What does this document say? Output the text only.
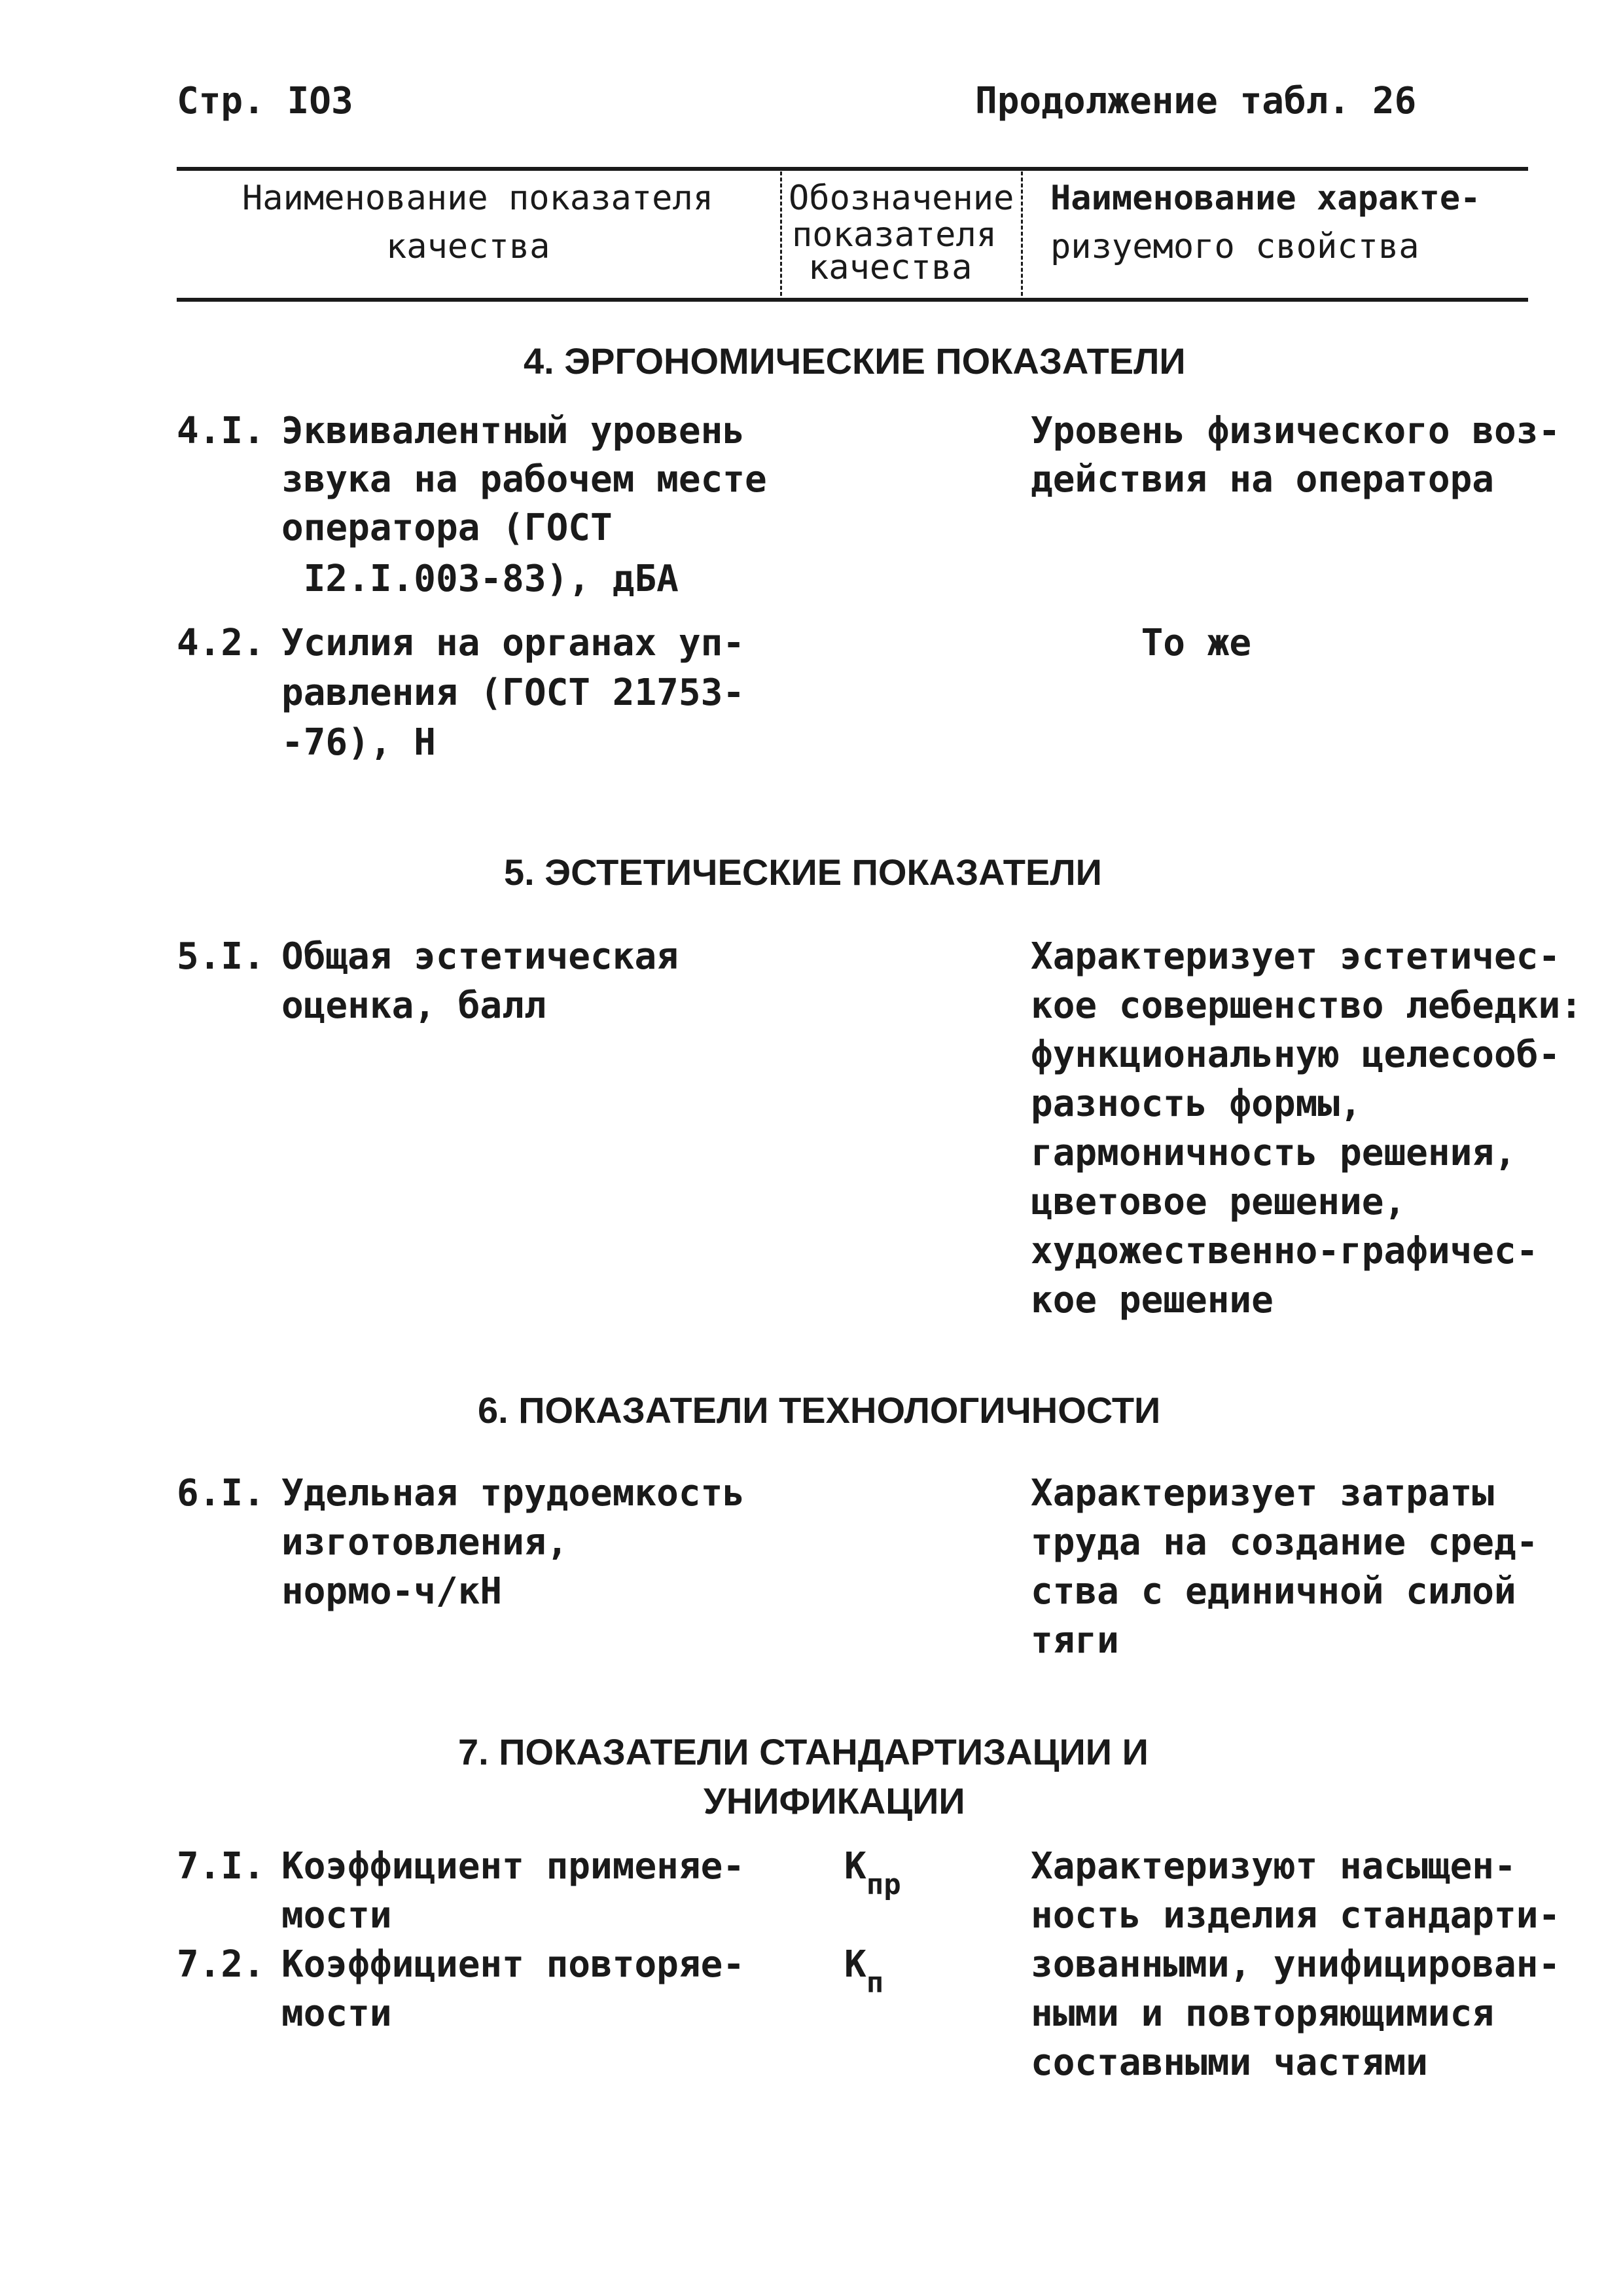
Стр. IO3	Продолжение табл. 26
Наименование показателя
качества
Обозначение
показателя
качества
Наименование характе-
ризуемого свойства
4. ЭРГОНОМИЧЕСКИЕ ПОКАЗАТЕЛИ
4.I. Эквивалентный уровень
звука на рабочем месте
оператора (ГОСТ
I2.I.003-83), дБА
Уровень физического воз-
действия на оператора
4.2. Усилия на органах уп-
равления (ГОСТ 21753-
-76), Н
То же
5. ЭСТЕТИЧЕСКИЕ ПОКАЗАТЕЛИ
5.I. Общая эстетическая
оценка, балл
Характеризует эстетичес-
кое совершенство лебедки:
функциональную целесооб-
разность формы,
гармоничность решения,
цветовое решение,
художественно-графичес-
кое решение
6. ПОКАЗАТЕЛИ ТЕХНОЛОГИЧНОСТИ
6.I. Удельная трудоемкость
изготовления,
нормо-ч/кН
Характеризует затраты
труда на создание сред-
ства с единичной силой
тяги
7. ПОКАЗАТЕЛИ СТАНДАРТИЗАЦИИ И
УНИФИКАЦИИ
7.I. Коэффициент применяе-
мости
$К_{пр}$	Характеризуют насыщен-
ность изделия стандарти-
зованными, унифицирован-
ными и повторяющимися
составными частями
7.2. Коэффициент повторяе-
мости
$К_п$
